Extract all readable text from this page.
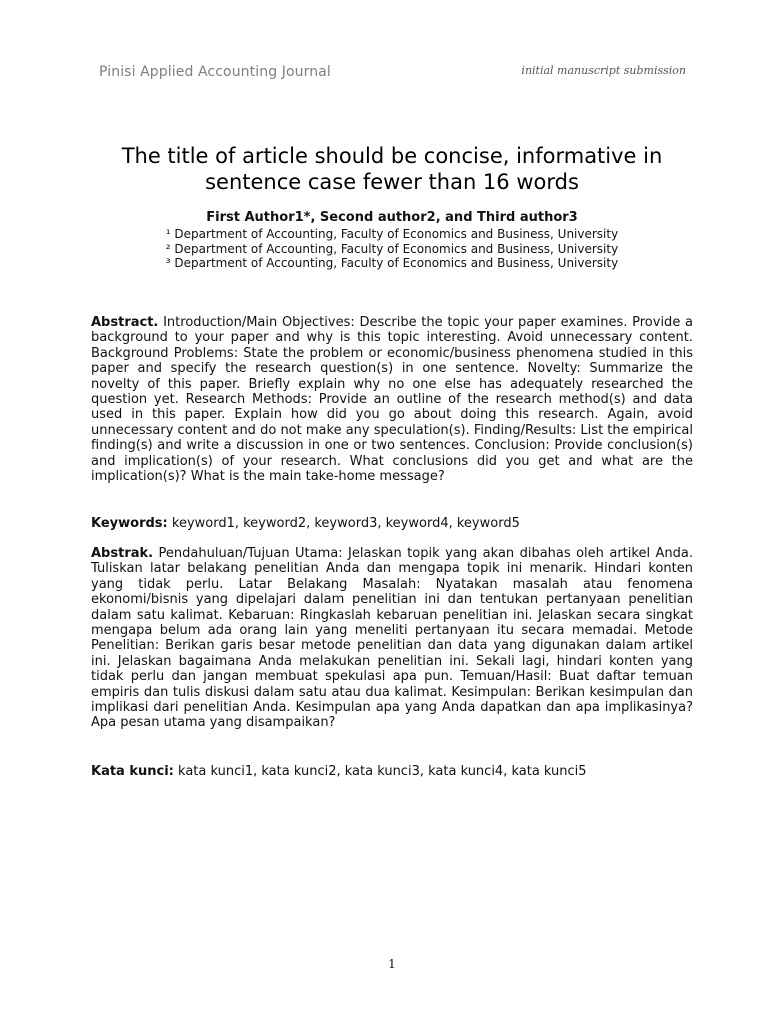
Pinisi Applied Accounting Journal	initial manuscript submission
The title of article should be concise, informative in sentence case fewer than 16 words
First Author1*, Second author2, and Third author3
¹ Department of Accounting, Faculty of Economics and Business, University
² Department of Accounting, Faculty of Economics and Business, University
³ Department of Accounting, Faculty of Economics and Business, University
Abstract. Introduction/Main Objectives: Describe the topic your paper examines. Provide a background to your paper and why is this topic interesting. Avoid unnecessary content. Background Problems: State the problem or economic/business phenomena studied in this paper and specify the research question(s) in one sentence. Novelty: Summarize the novelty of this paper. Briefly explain why no one else has adequately researched the question yet. Research Methods: Provide an outline of the research method(s) and data used in this paper. Explain how did you go about doing this research. Again, avoid unnecessary content and do not make any speculation(s). Finding/Results: List the empirical finding(s) and write a discussion in one or two sentences. Conclusion: Provide conclusion(s) and implication(s) of your research. What conclusions did you get and what are the implication(s)? What is the main take-home message?
Keywords: keyword1, keyword2, keyword3, keyword4, keyword5
Abstrak. Pendahuluan/Tujuan Utama: Jelaskan topik yang akan dibahas oleh artikel Anda. Tuliskan latar belakang penelitian Anda dan mengapa topik ini menarik. Hindari konten yang tidak perlu. Latar Belakang Masalah: Nyatakan masalah atau fenomena ekonomi/bisnis yang dipelajari dalam penelitian ini dan tentukan pertanyaan penelitian dalam satu kalimat. Kebaruan: Ringkaslah kebaruan penelitian ini. Jelaskan secara singkat mengapa belum ada orang lain yang meneliti pertanyaan itu secara memadai. Metode Penelitian: Berikan garis besar metode penelitian dan data yang digunakan dalam artikel ini. Jelaskan bagaimana Anda melakukan penelitian ini. Sekali lagi, hindari konten yang tidak perlu dan jangan membuat spekulasi apa pun. Temuan/Hasil: Buat daftar temuan empiris dan tulis diskusi dalam satu atau dua kalimat. Kesimpulan: Berikan kesimpulan dan implikasi dari penelitian Anda. Kesimpulan apa yang Anda dapatkan dan apa implikasinya? Apa pesan utama yang disampaikan?
Kata kunci: kata kunci1, kata kunci2, kata kunci3, kata kunci4, kata kunci5
1
